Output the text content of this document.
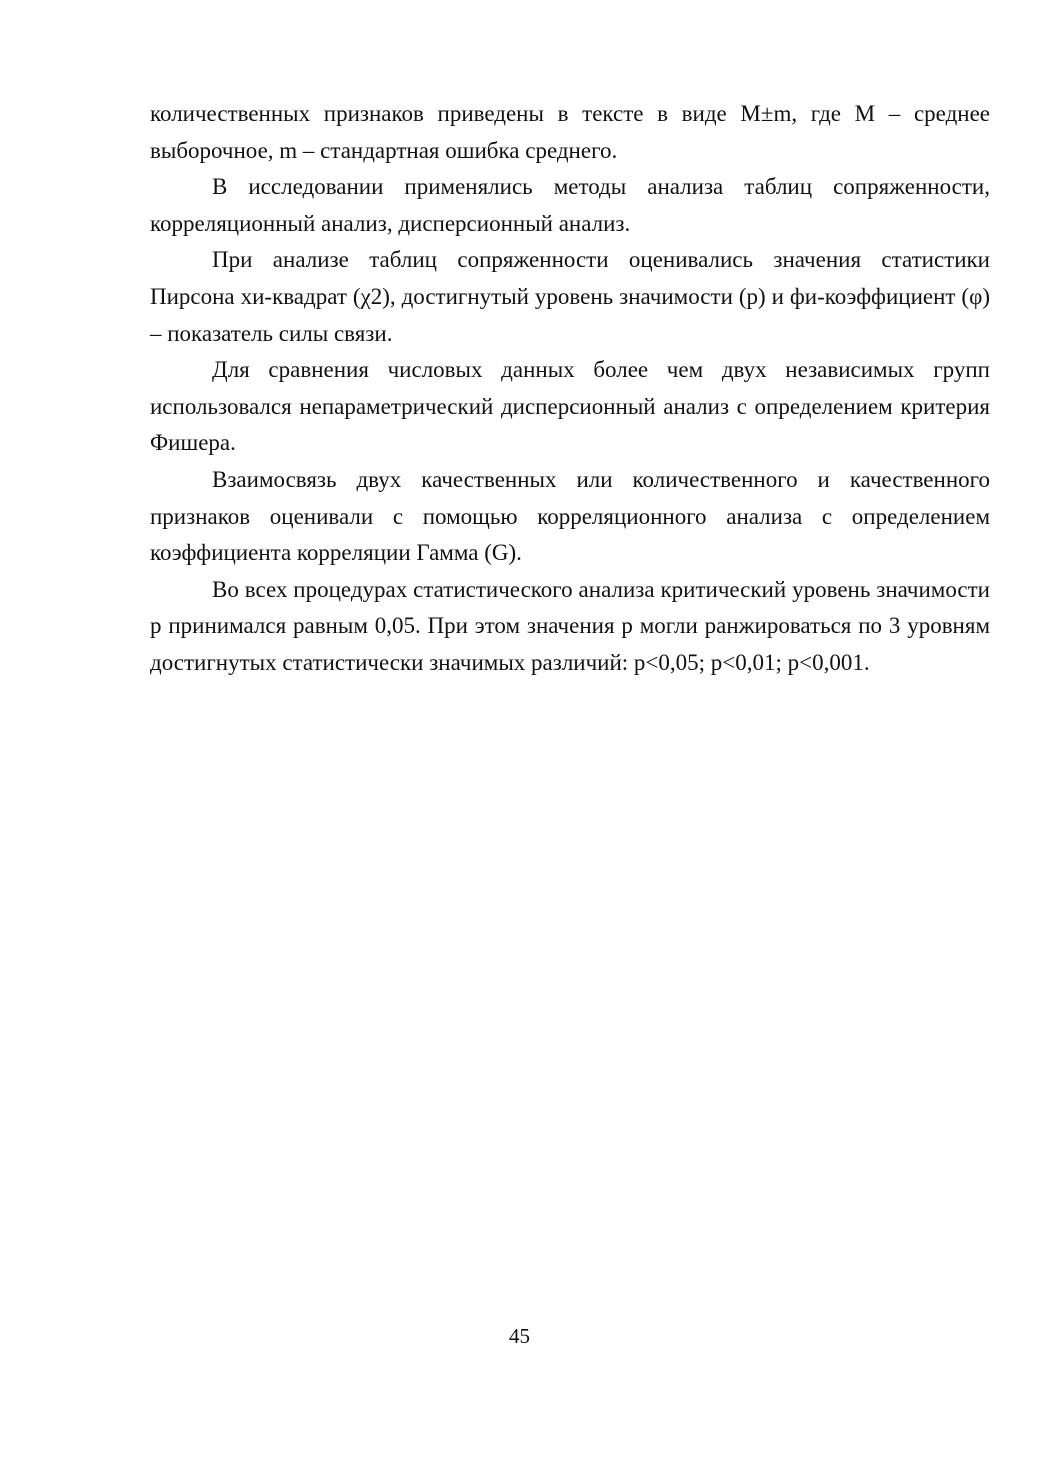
количественных признаков приведены в тексте в виде M±m, где M – среднее выборочное, m – стандартная ошибка среднего.

В исследовании применялись методы анализа таблиц сопряженности, корреляционный анализ, дисперсионный анализ.

При анализе таблиц сопряженности оценивались значения статистики Пирсона хи-квадрат (χ2), достигнутый уровень значимости (р) и фи-коэффициент (φ) – показатель силы связи.

Для сравнения числовых данных более чем двух независимых групп использовался непараметрический дисперсионный анализ с определением критерия Фишера.

Взаимосвязь двух качественных или количественного и качественного признаков оценивали с помощью корреляционного анализа с определением коэффициента корреляции Гамма (G).

Во всех процедурах статистического анализа критический уровень значимости р принимался равным 0,05. При этом значения р могли ранжироваться по 3 уровням достигнутых статистически значимых различий: р<0,05; р<0,01; р<0,001.

45
